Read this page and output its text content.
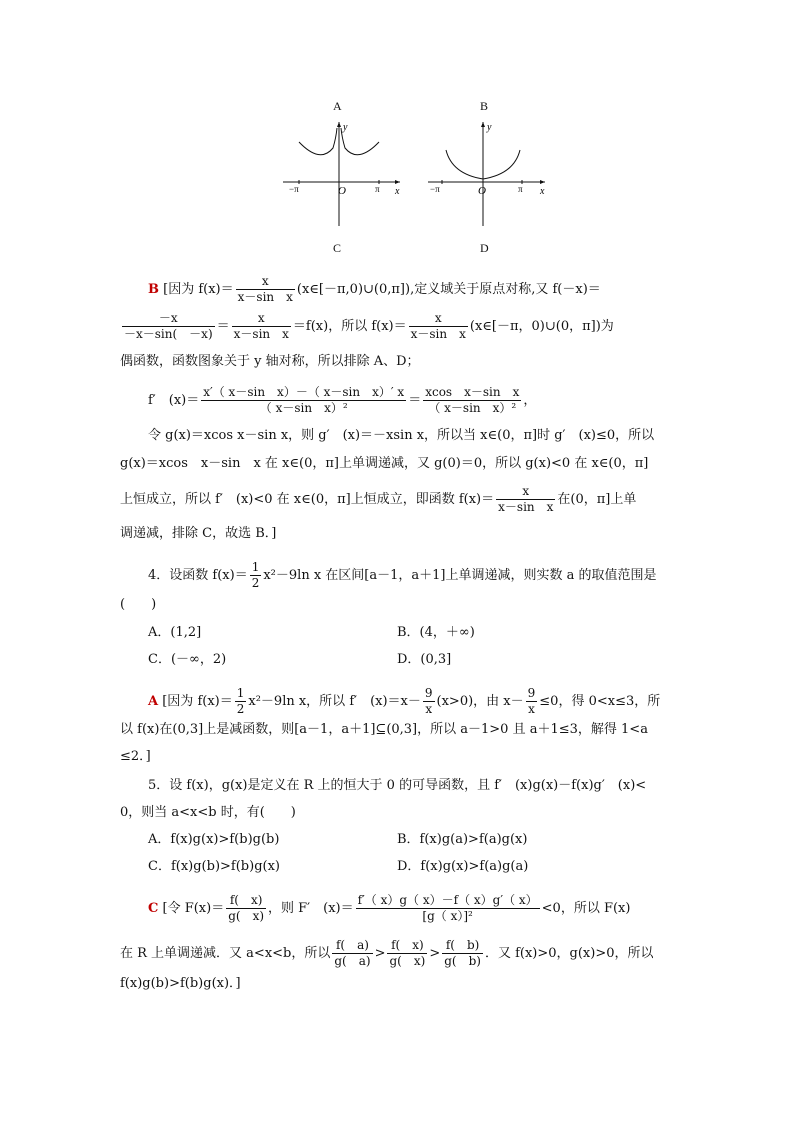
A	B
y
x
O
−π	π
y
x
O
−π	π
C	D
B [因为 $f(x)= \frac{x}{\text{x－sin　x}}$ (x∈[－π,0)∪(0,π]),定义域关于原点对称,又 f(－x)＝
$\frac{-x}{-x-\sin( -x)} = \frac{x}{\text{x－sin　x}} =f(x)$，所以 $f(x)= \frac{x}{\text{x－sin　x}}$ (x∈[－π，0)∪(0，π])为
偶函数，函数图象关于 y 轴对称，所以排除 A、D；
f′　$(x)= \frac{\text{x′（ x－sin　x）－（ x－sin　x）′ x}}{\text{（ x－sin　x）²}} = \frac{\text{xcos　x－sin　x}}{\text{（ x－sin　x）²}}$ ，
令 g(x)＝xcos x－sin x，则 g′　(x)＝－xsin x，所以当 x∈(0，π]时 g′　(x)≤0，所以
g(x)＝xcos　x－sin　x 在 x∈(0，π]上单调递减，又 g(0)＝0，所以 g(x)<0 在 x∈(0，π]
上恒成立，所以 f′　(x)<0 在 x∈(0，π]上恒成立，即函数 $f(x)= \frac{x}{\text{x－sin　x}}$ 在(0，π]上单
调递减，排除 C，故选 B．]
4．设函数 $f(x)= \frac{1}{2} x^2-9\ln$ x 在区间[a－1，a＋1]上单调递减，则实数 a 的取值范围是
(　　)
A．(1,2]	B．(4，＋∞)
C．(－∞，2)	D．(0,3]
A [因为 $f(x)= \frac{1}{2} x^2-9\ln$ x，所以 f′　$(x)=x- \frac{9}{x} (x>0)$，由 $x- \frac{9}{x} \le 0$，得 0<x≤3，所
以 f(x)在(0,3]上是减函数，则[a－1，a＋1]⊆(0,3]，所以 a－1>0 且 a＋1≤3，解得 1<a
≤2．]
5．设 f(x)，g(x)是定义在 R 上的恒大于 0 的可导函数，且 f′　(x)g(x)－f(x)g′　(x)<
0，则当 a<x<b 时，有(　　)
A．f(x)g(x)>f(b)g(b)	B．f(x)g(a)>f(a)g(x)
C．f(x)g(b)>f(b)g(x)	D．f(x)g(x)>f(a)g(a)
C [令 $F(x)= \frac{f( x)}{g( x)}$ ，则 F′　$(x)= \frac{f'( x)g( x)-f( x)g'( x)}{\text{[g（ x）]²}} <0$，所以 F(x)
在 R 上单调递减．又 a<x<b，所以 $\frac{f( a)}{g( a)} > \frac{f( x)}{g( x)} > \frac{f( b)}{g( b)}$ ．又 f(x)>0，g(x)>0，所以
f(x)g(b)>f(b)g(x)．]
